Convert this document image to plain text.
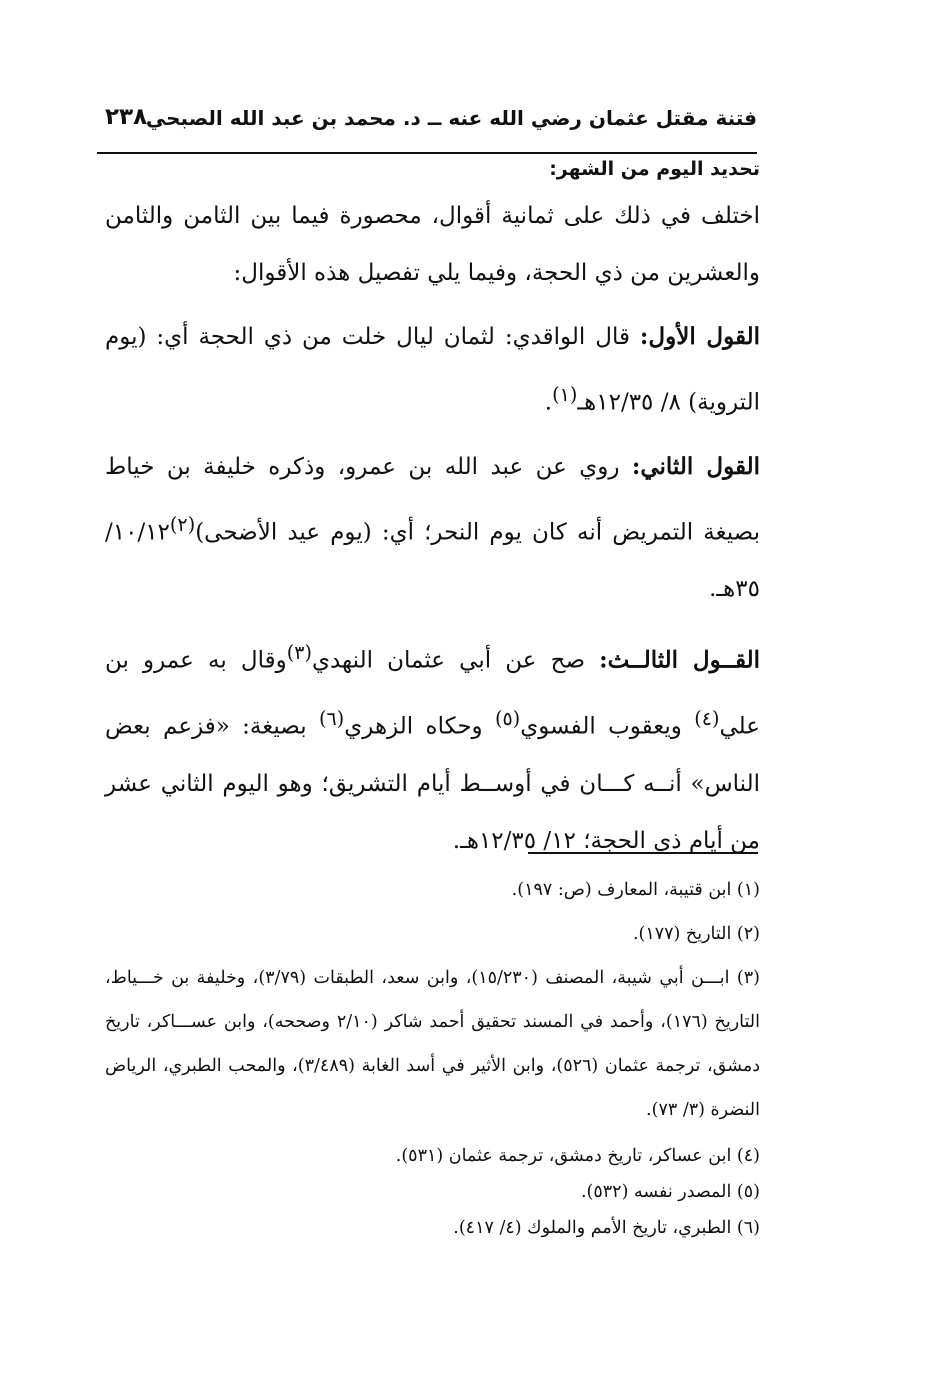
فتنة مقتل عثمان رضي الله عنه ــ د. محمد بن عبد الله الصبحي
٢٣٨

تحديد اليوم من الشهر:

اختلف في ذلك على ثمانية أقوال، محصورة فيما بين الثامن والثامن والعشرين من ذي الحجة، وفيما يلي تفصيل هذه الأقوال:

القول الأول: قال الواقدي: لثمان ليال خلت من ذي الحجة أي: (يوم التروية) ٨/ ١٢/٣٥هـ$^{(١)}$.

القول الثاني: روي عن عبد الله بن عمرو، وذكره خليفة بن خياط بصيغة التمريض أنه كان يوم النحر؛ أي: (يوم عيد الأضحى)$^{(٢)}$١٠/١٢/ ٣٥هـ.

القــول الثالــث: صح عن أبي عثمان النهدي$^{(٣)}$وقال به عمرو بن علي$^{(٤)}$ ويعقوب الفسوي$^{(٥)}$ وحكاه الزهري$^{(٦)}$ بصيغة: «فزعم بعض الناس» أنــه كـــان في أوســط أيام التشريق؛ وهو اليوم الثاني عشر من أيام ذي الحجة؛ ١٢/ ١٢/٣٥هـ.

(١) ابن قتيبة، المعارف (ص: ١٩٧).

(٢) التاريخ (١٧٧).

(٣) ابـــن أبي شيبة، المصنف (١٥/٢٣٠)، وابن سعد، الطبقات (٣/٧٩)، وخليفة بن خـــياط، التاريخ (١٧٦)، وأحمد في المسند تحقيق أحمد شاكر (٢/١٠ وصححه)، وابن عســـاكر، تاريخ دمشق، ترجمة عثمان (٥٢٦)، وابن الأثير في أسد الغابة (٣/٤٨٩)، والمحب الطبري، الرياض النضرة (٣/ ٧٣).

(٤) ابن عساكر، تاريخ دمشق، ترجمة عثمان (٥٣١).

(٥) المصدر نفسه (٥٣٢).

(٦) الطبري، تاريخ الأمم والملوك (٤/ ٤١٧).
